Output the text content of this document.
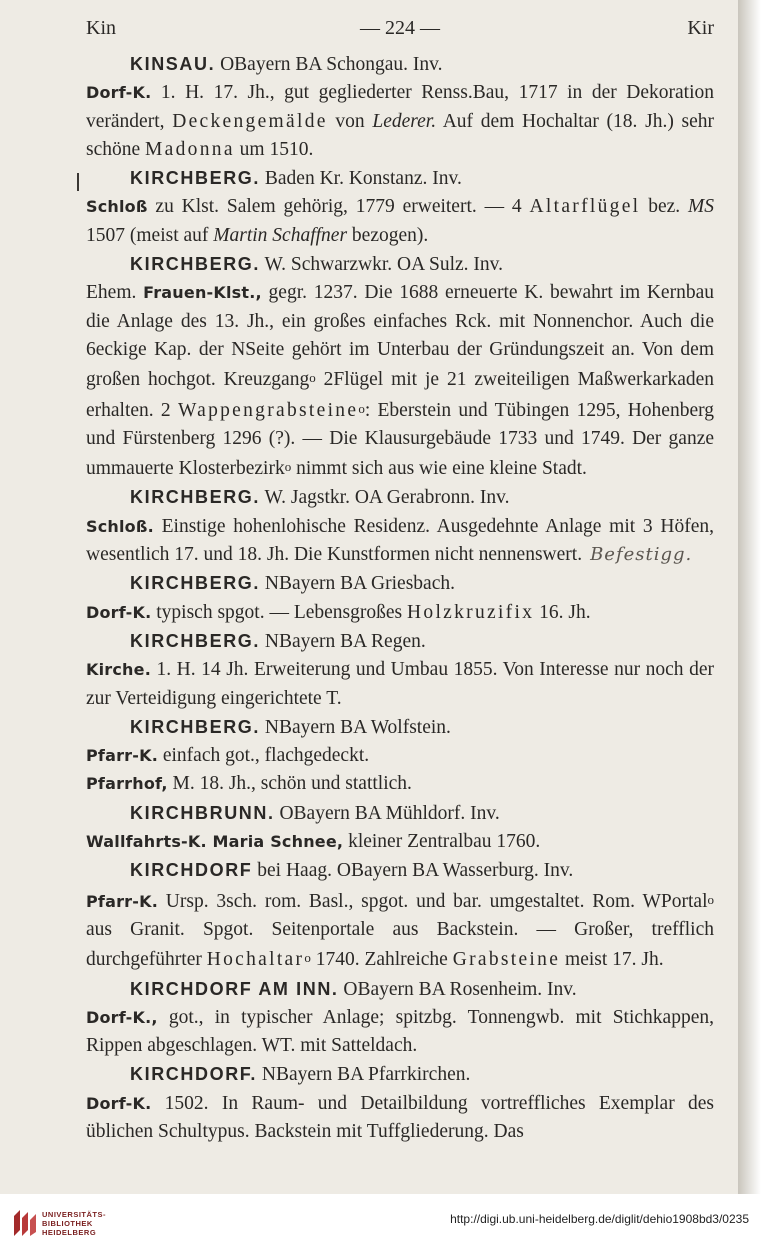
Kin	— 224 —	Kir

KINSAU. OBayern BA Schongau. Inv.

Dorf-K. 1. H. 17. Jh., gut gegliederter Renss.Bau, 1717 in der Dekoration verändert, Deckengemälde von Lederer. Auf dem Hochaltar (18. Jh.) sehr schöne Madonna um 1510.

KIRCHBERG. Baden Kr. Konstanz. Inv.

Schloß zu Klst. Salem gehörig, 1779 erweitert. — 4 Altarflügel bez. MS 1507 (meist auf Martin Schaffner bezogen).

KIRCHBERG. W. Schwarzwkr. OA Sulz. Inv.

Ehem. Frauen-Klst., gegr. 1237. Die 1688 erneuerte K. bewahrt im Kernbau die Anlage des 13. Jh., ein großes einfaches Rck. mit Nonnenchor. Auch die 6eckige Kap. der NSeite gehört im Unterbau der Gründungszeit an. Von dem großen hochgot. Kreuzgango 2Flügel mit je 21 zweiteiligen Maßwerkarkaden erhalten. 2 Wappengrabsteineo: Eberstein und Tübingen 1295, Hohenberg und Fürstenberg 1296 (?). — Die Klausurgebäude 1733 und 1749. Der ganze ummauerte Klosterbezirko nimmt sich aus wie eine kleine Stadt.

KIRCHBERG. W. Jagstkr. OA Gerabronn. Inv.

Schloß. Einstige hohenlohische Residenz. Ausgedehnte Anlage mit 3 Höfen, wesentlich 17. und 18. Jh. Die Kunstformen nicht nennenswert. Befestigg.

KIRCHBERG. NBayern BA Griesbach.

Dorf-K. typisch spgot. — Lebensgroßes Holzkruzifix 16. Jh.

KIRCHBERG. NBayern BA Regen.

Kirche. 1. H. 14 Jh. Erweiterung und Umbau 1855. Von Interesse nur noch der zur Verteidigung eingerichtete T.

KIRCHBERG. NBayern BA Wolfstein.

Pfarr-K. einfach got., flachgedeckt.

Pfarrhof, M. 18. Jh., schön und stattlich.

KIRCHBRUNN. OBayern BA Mühldorf. Inv.

Wallfahrts-K. Maria Schnee, kleiner Zentralbau 1760.

KIRCHDORF bei Haag. OBayern BA Wasserburg. Inv.

Pfarr-K. Ursp. 3sch. rom. Basl., spgot. und bar. umgestaltet. Rom. WPortalo aus Granit. Spgot. Seitenportale aus Backstein. — Großer, trefflich durchgeführter Hochaltaro 1740. Zahlreiche Grabsteine meist 17. Jh.

KIRCHDORF AM INN. OBayern BA Rosenheim. Inv.

Dorf-K., got., in typischer Anlage; spitzbg. Tonnengwb. mit Stichkappen, Rippen abgeschlagen. WT. mit Satteldach.

KIRCHDORF. NBayern BA Pfarrkirchen.

Dorf-K. 1502. In Raum- und Detailbildung vortreffliches Exemplar des üblichen Schultypus. Backstein mit Tuffgliederung. Das

UNIVERSITÄTS-
BIBLIOTHEK
HEIDELBERG
http://digi.ub.uni-heidelberg.de/diglit/dehio1908bd3/0235
